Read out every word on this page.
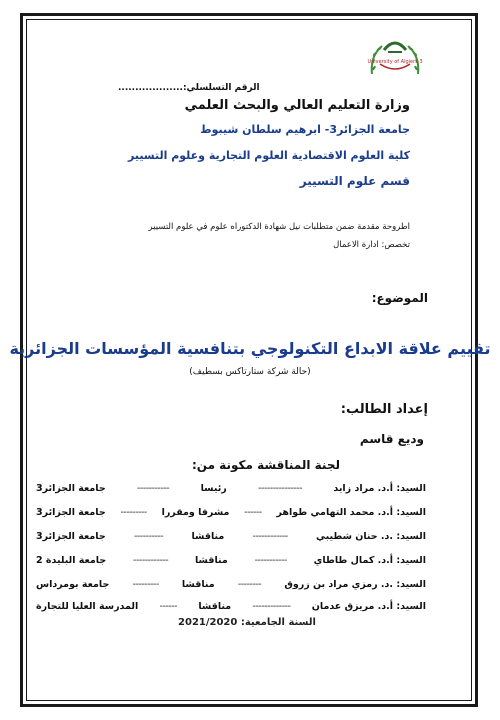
University of Algiers 3
الرقم التسلسلي:...................
وزارة التعليم العالي والبحث العلمي
جامعة الجزائر3- ابرهيم سلطان شيبوط
كلية العلوم الاقتصادية العلوم التجارية وعلوم التسيير
قسم علوم التسيير
اطروحة مقدمة ضمن متطلبات نيل شهادة الدكتوراه علوم في علوم التسيير
تخصص: ادارة الاعمال
الموضوع:
تقييم علاقة الابداع التكنولوجي بتنافسية المؤسسات الجزائرية
(حالة شركة ستارتاكس بسطيف)
إعداد الطالب:
وديع قاسم
لجنة المناقشة مكونة من:
السيد: أ.د. مراد زايد
---------------
رئيسا
-----------
جامعة الجزائر3
السيد: أ.د. محمد التهامي طواهر
------
مشرفا ومقررا
---------
جامعة الجزائر3
السيد: .د. حنان شطيبي
------------
مناقشا
----------
جامعة الجزائر3
السيد: أ.د. كمال طاطاي
-----------
مناقشا
------------
جامعة البليدة 2
السيد: .د. رمزي مراد بن زروق
--------
مناقشا
---------
جامعة بومرداس
السيد: أ.د. مريزق عدمان
-------------
مناقشا
------
المدرسة العليا للتجارة
السنة الجامعية: 2021/2020
